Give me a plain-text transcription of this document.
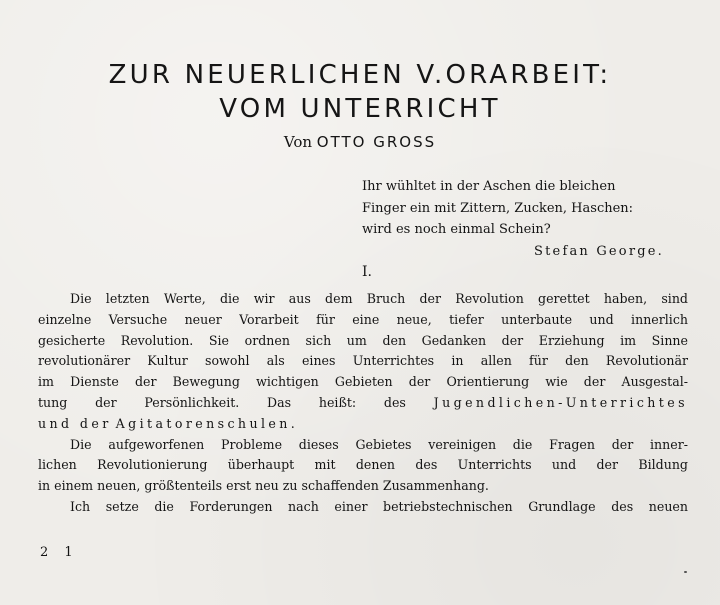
ZUR NEUERLICHEN V.ORARBEIT:
VOM UNTERRICHT
Von OTTO GROSS
Ihr wühltet in der Aschen die bleichen
Finger ein mit Zittern, Zucken, Haschen:
wird es noch einmal Schein?
Stefan George.
I.
Die letzten Werte, die wir aus dem Bruch der Revolution gerettet haben, sind
einzelne Versuche neuer Vorarbeit für eine neue, tiefer unterbaute und innerlich
gesicherte Revolution. Sie ordnen sich um den Gedanken der Erziehung im Sinne
revolutionärer Kultur sowohl als eines Unterrichtes in allen für den Revolutionär
im Dienste der Bewegung wichtigen Gebieten der Orientierung wie der Ausgestal-
tung der Persönlichkeit. Das heißt: des Jugendlichen-Unterrichtes
und der Agitatorenschulen.
Die aufgeworfenen Probleme dieses Gebietes vereinigen die Fragen der inner-
lichen Revolutionierung überhaupt mit denen des Unterrichts und der Bildung
in einem neuen, größtenteils erst neu zu schaffenden Zusammenhang.
Ich setze die Forderungen nach einer betriebstechnischen Grundlage des neuen
2 1
